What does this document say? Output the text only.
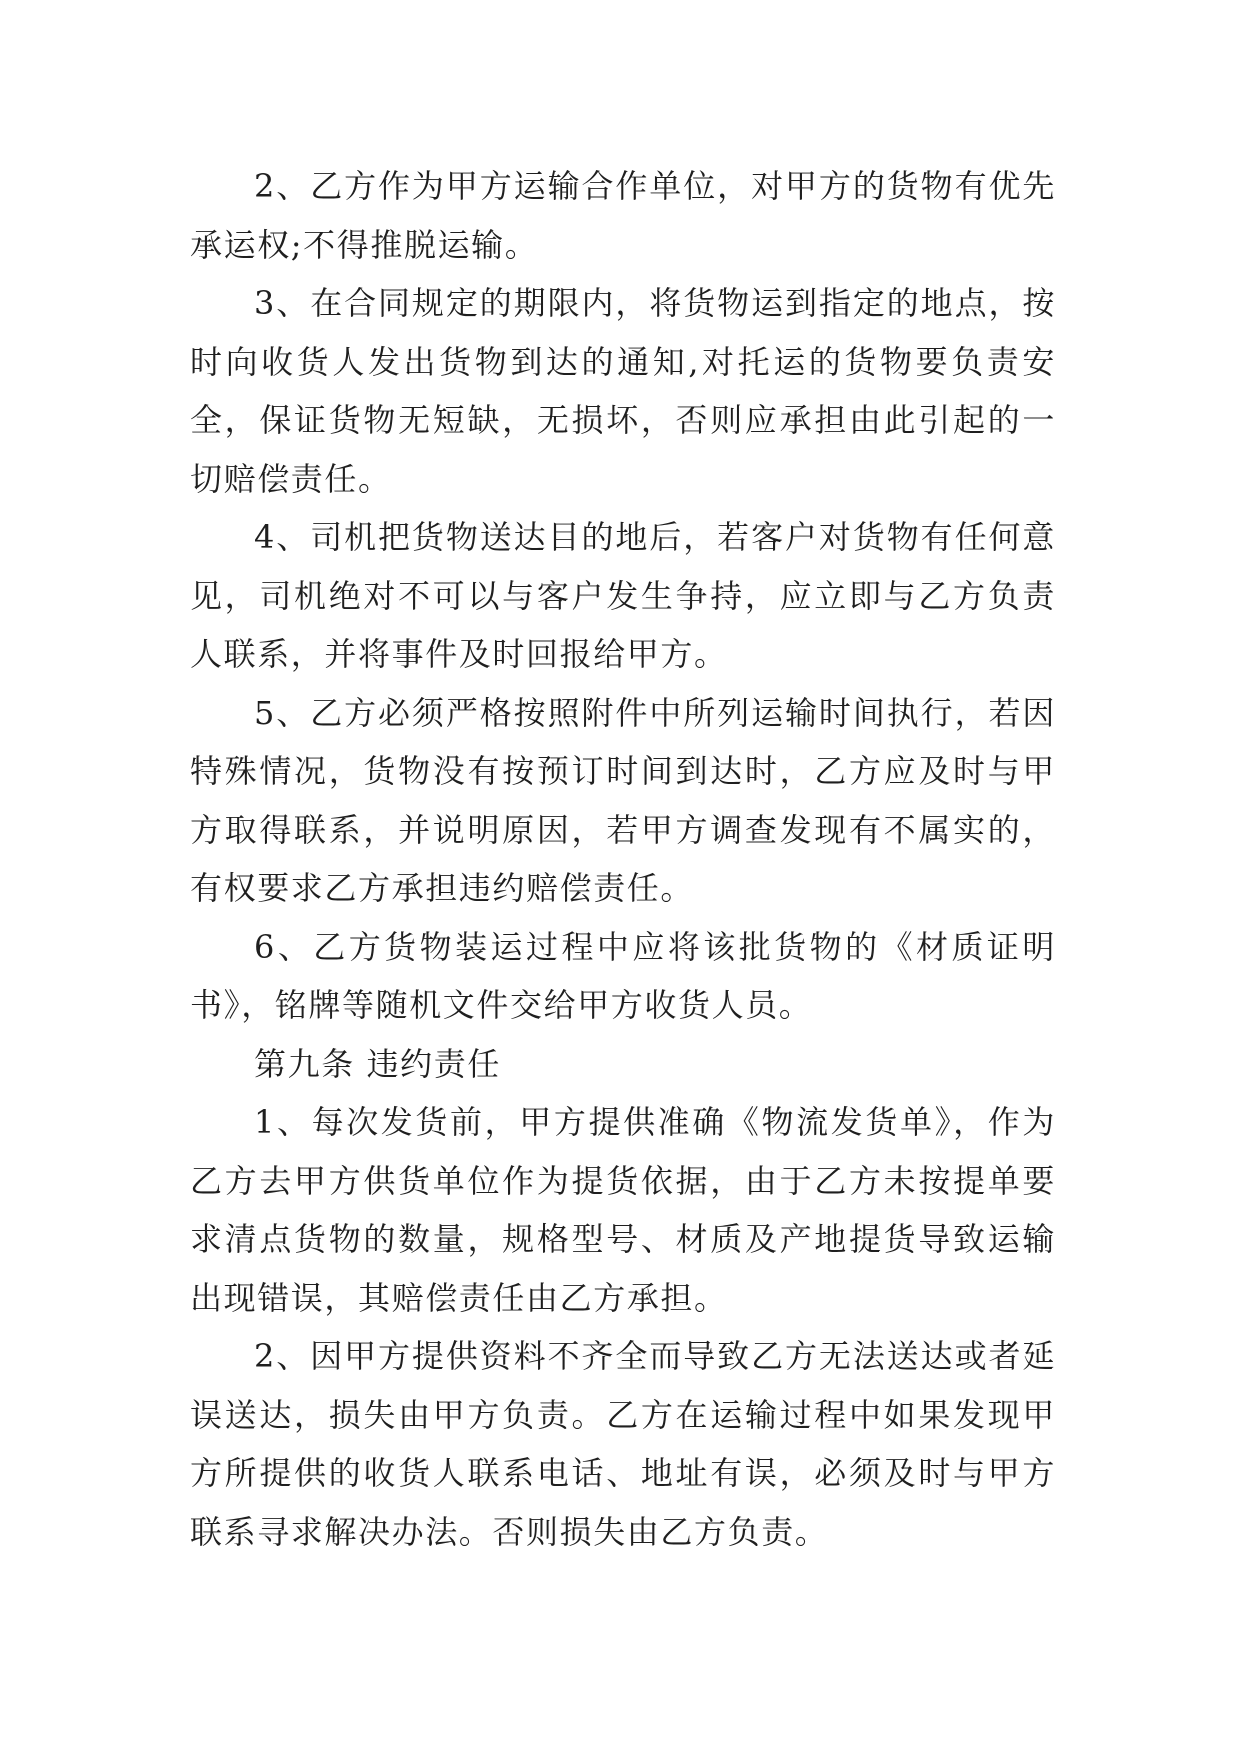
2、乙方作为甲方运输合作单位，对甲方的货物有优先承运权;不得推脱运输。

3、在合同规定的期限内，将货物运到指定的地点，按时向收货人发出货物到达的通知,对托运的货物要负责安全，保证货物无短缺，无损坏，否则应承担由此引起的一切赔偿责任。

4、司机把货物送达目的地后，若客户对货物有任何意见，司机绝对不可以与客户发生争持，应立即与乙方负责人联系，并将事件及时回报给甲方。

5、乙方必须严格按照附件中所列运输时间执行，若因特殊情况，货物没有按预订时间到达时，乙方应及时与甲方取得联系，并说明原因，若甲方调查发现有不属实的，有权要求乙方承担违约赔偿责任。

6、乙方货物装运过程中应将该批货物的《材质证明书》，铭牌等随机文件交给甲方收货人员。

第九条 违约责任

1、每次发货前，甲方提供准确《物流发货单》，作为乙方去甲方供货单位作为提货依据，由于乙方未按提单要求清点货物的数量，规格型号、材质及产地提货导致运输出现错误，其赔偿责任由乙方承担。

2、因甲方提供资料不齐全而导致乙方无法送达或者延误送达，损失由甲方负责。乙方在运输过程中如果发现甲方所提供的收货人联系电话、地址有误，必须及时与甲方联系寻求解决办法。否则损失由乙方负责。
